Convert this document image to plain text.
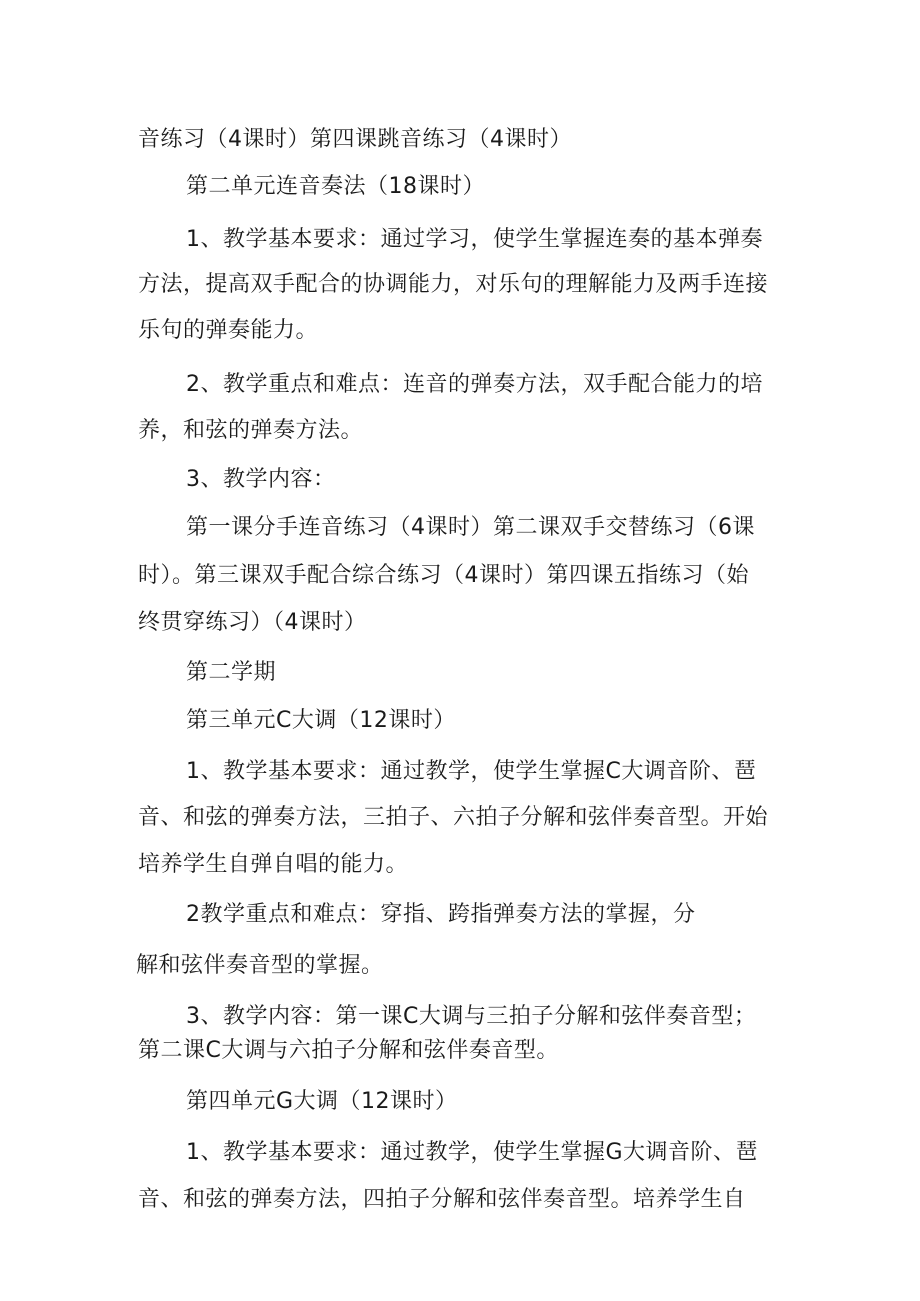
音练习（4课时）第四课跳音练习（4课时）

第二单元连音奏法（18课时）

1、教学基本要求：通过学习，使学生掌握连奏的基本弹奏

方法，提高双手配合的协调能力，对乐句的理解能力及两手连接

乐句的弹奏能力。

2、教学重点和难点：连音的弹奏方法，双手配合能力的培

养，和弦的弹奏方法。

3、教学内容：

第一课分手连音练习（4课时）第二课双手交替练习（6课

时）。第三课双手配合综合练习（4课时）第四课五指练习（始

终贯穿练习）（4课时）

第二学期

第三单元C大调（12课时）

1、教学基本要求：通过教学，使学生掌握C大调音阶、琶

音、和弦的弹奏方法，三拍子、六拍子分解和弦伴奏音型。开始

培养学生自弹自唱的能力。

2教学重点和难点：穿指、跨指弹奏方法的掌握，分

解和弦伴奏音型的掌握。

3、教学内容：第一课C大调与三拍子分解和弦伴奏音型；

第二课C大调与六拍子分解和弦伴奏音型。

第四单元G大调（12课时）

1、教学基本要求：通过教学，使学生掌握G大调音阶、琶

音、和弦的弹奏方法，四拍子分解和弦伴奏音型。培养学生自
